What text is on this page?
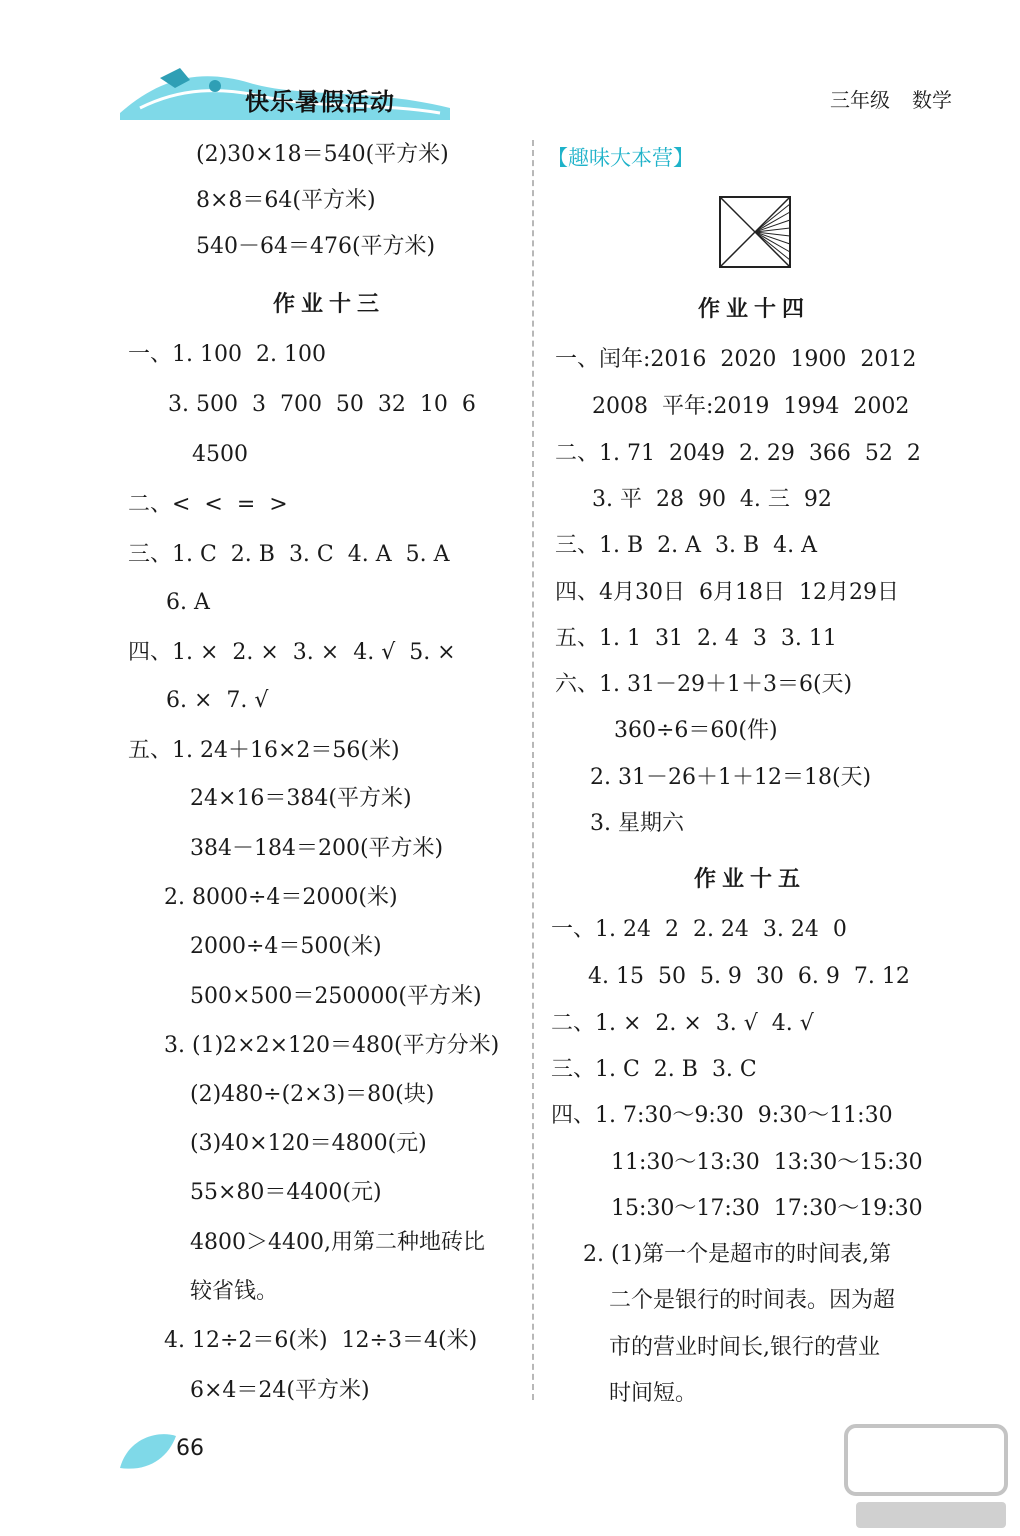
快乐暑假活动	三年级 数学
(2)30×18＝540(平方米)
8×8＝64(平方米)
540－64＝476(平方米)
作业十三
一、1. 100  2. 100
3. 500  3  700  50  32  10  6
4500
二、<  <  =  >
三、1. C  2. B  3. C  4. A  5. A
6. A
四、1. ×  2. ×  3. ×  4. √  5. ×
6. ×  7. √
五、1. 24＋16×2＝56(米)
24×16＝384(平方米)
384－184＝200(平方米)
2. 8000÷4＝2000(米)
2000÷4＝500(米)
500×500＝250000(平方米)
3. (1)2×2×120＝480(平方分米)
(2)480÷(2×3)＝80(块)
(3)40×120＝4800(元)
55×80＝4400(元)
4800＞4400,用第二种地砖比
较省钱。
4. 12÷2＝6(米)  12÷3＝4(米)
6×4＝24(平方米)
【趣味大本营】
作业十四
一、闰年:2016  2020  1900  2012
2008  平年:2019  1994  2002
二、1. 71  2049  2. 29  366  52  2
3. 平  28  90  4. 三  92
三、1. B  2. A  3. B  4. A
四、4月30日  6月18日  12月29日
五、1. 1  31  2. 4  3  3. 11
六、1. 31－29＋1＋3＝6(天)
360÷6＝60(件)
2. 31－26＋1＋12＝18(天)
3. 星期六
作业十五
一、1. 24  2  2. 24  3. 24  0
4. 15  50  5. 9  30  6. 9  7. 12
二、1. ×  2. ×  3. √  4. √
三、1. C  2. B  3. C
四、1. 7:30～9:30  9:30～11:30
11:30～13:30  13:30～15:30
15:30～17:30  17:30～19:30
2. (1)第一个是超市的时间表,第
二个是银行的时间表。因为超
市的营业时间长,银行的营业
时间短。
66
